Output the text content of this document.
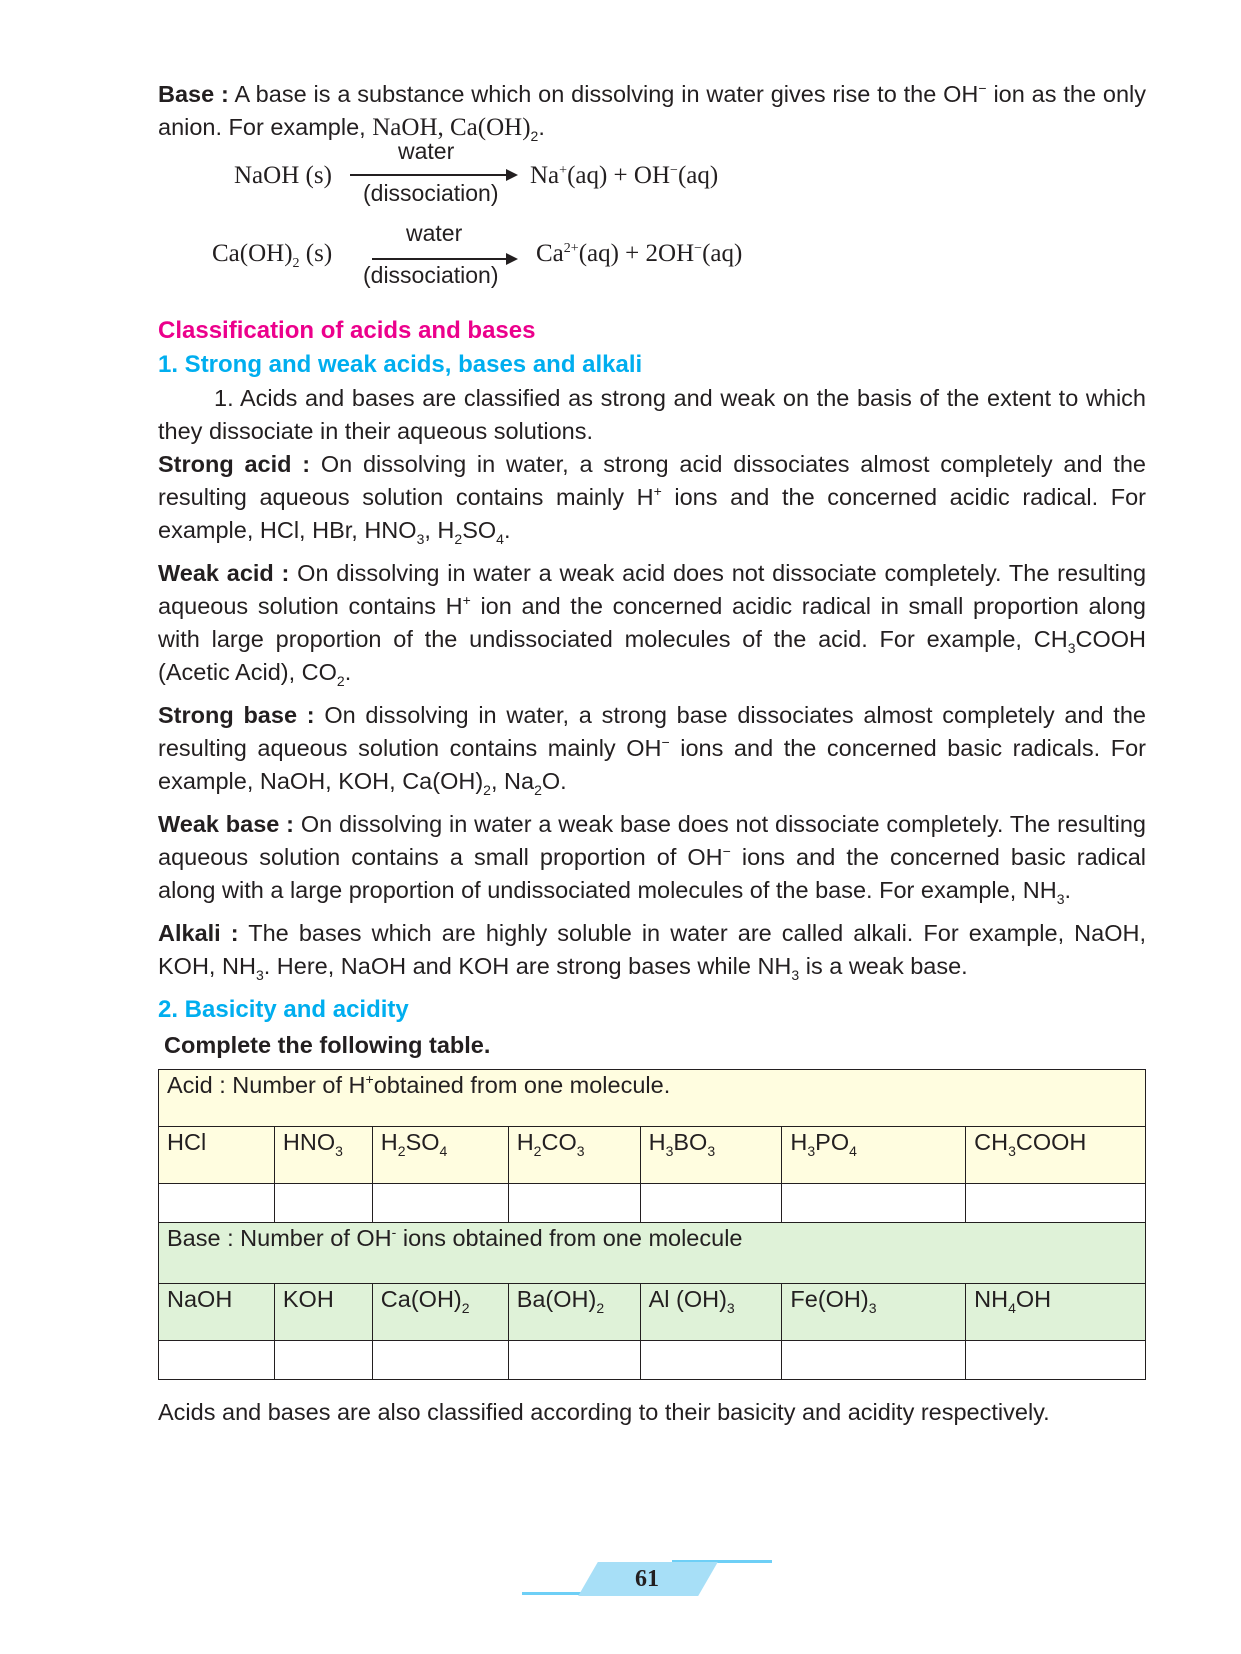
Base : A base is a substance which on dissolving in water gives rise to the OH− ion as the only anion. For example, NaOH, $Ca(OH)_2$.

NaOH (s)
water
(dissociation)
Na+(aq) + OH−(aq)
$Ca(OH)_2$ (s)
water
(dissociation)
$Ca^{2+}(aq) + 2OH^-(aq)$
Classification of acids and bases
1. Strong and weak acids, bases and alkali

1. Acids and bases are classified as strong and weak on the basis of the extent to which they dissociate in their aqueous solutions.

Strong acid : On dissolving in water, a strong acid dissociates almost completely and the resulting aqueous solution contains mainly H+ ions and the concerned acidic radical. For example, HCl, HBr, $HNO_3$, $H_2SO_4$.

Weak acid : On dissolving in water a weak acid does not dissociate completely. The resulting aqueous solution contains H+ ion and the concerned acidic radical in small proportion along with large proportion of the undissociated molecules of the acid. For example, $CH_3COOH$ (Acetic Acid), $CO_2$.

Strong base : On dissolving in water, a strong base dissociates almost completely and the resulting aqueous solution contains mainly OH− ions and the concerned basic radicals. For example, NaOH, KOH, $Ca(OH)_2$, $Na_2O$.

Weak base : On dissolving in water a weak base does not dissociate completely. The resulting aqueous solution contains a small proportion of OH− ions and the concerned basic radical along with a large proportion of undissociated molecules of the base. For example, $NH_3$.

Alkali : The bases which are highly soluble in water are called alkali. For example, NaOH, KOH, $NH_3$. Here, NaOH and KOH are strong bases while $NH_3$ is a weak base.

2. Basicity and acidity
Complete the following table.
Acid : Number of H+obtained from one molecule.						
HCl	$HNO_3$	$H_2SO_4$	$H_2CO_3$	$H_3BO_3$	$H_3PO_4$	$CH_3COOH$

Base : Number of OH- ions obtained from one molecule						
NaOH	KOH	$Ca(OH)_2$	$Ba(OH)_2$	Al $(OH)_3$	$Fe(OH)_3$	$NH_4OH$

Acids and bases are also classified according to their basicity and acidity respectively.

61
